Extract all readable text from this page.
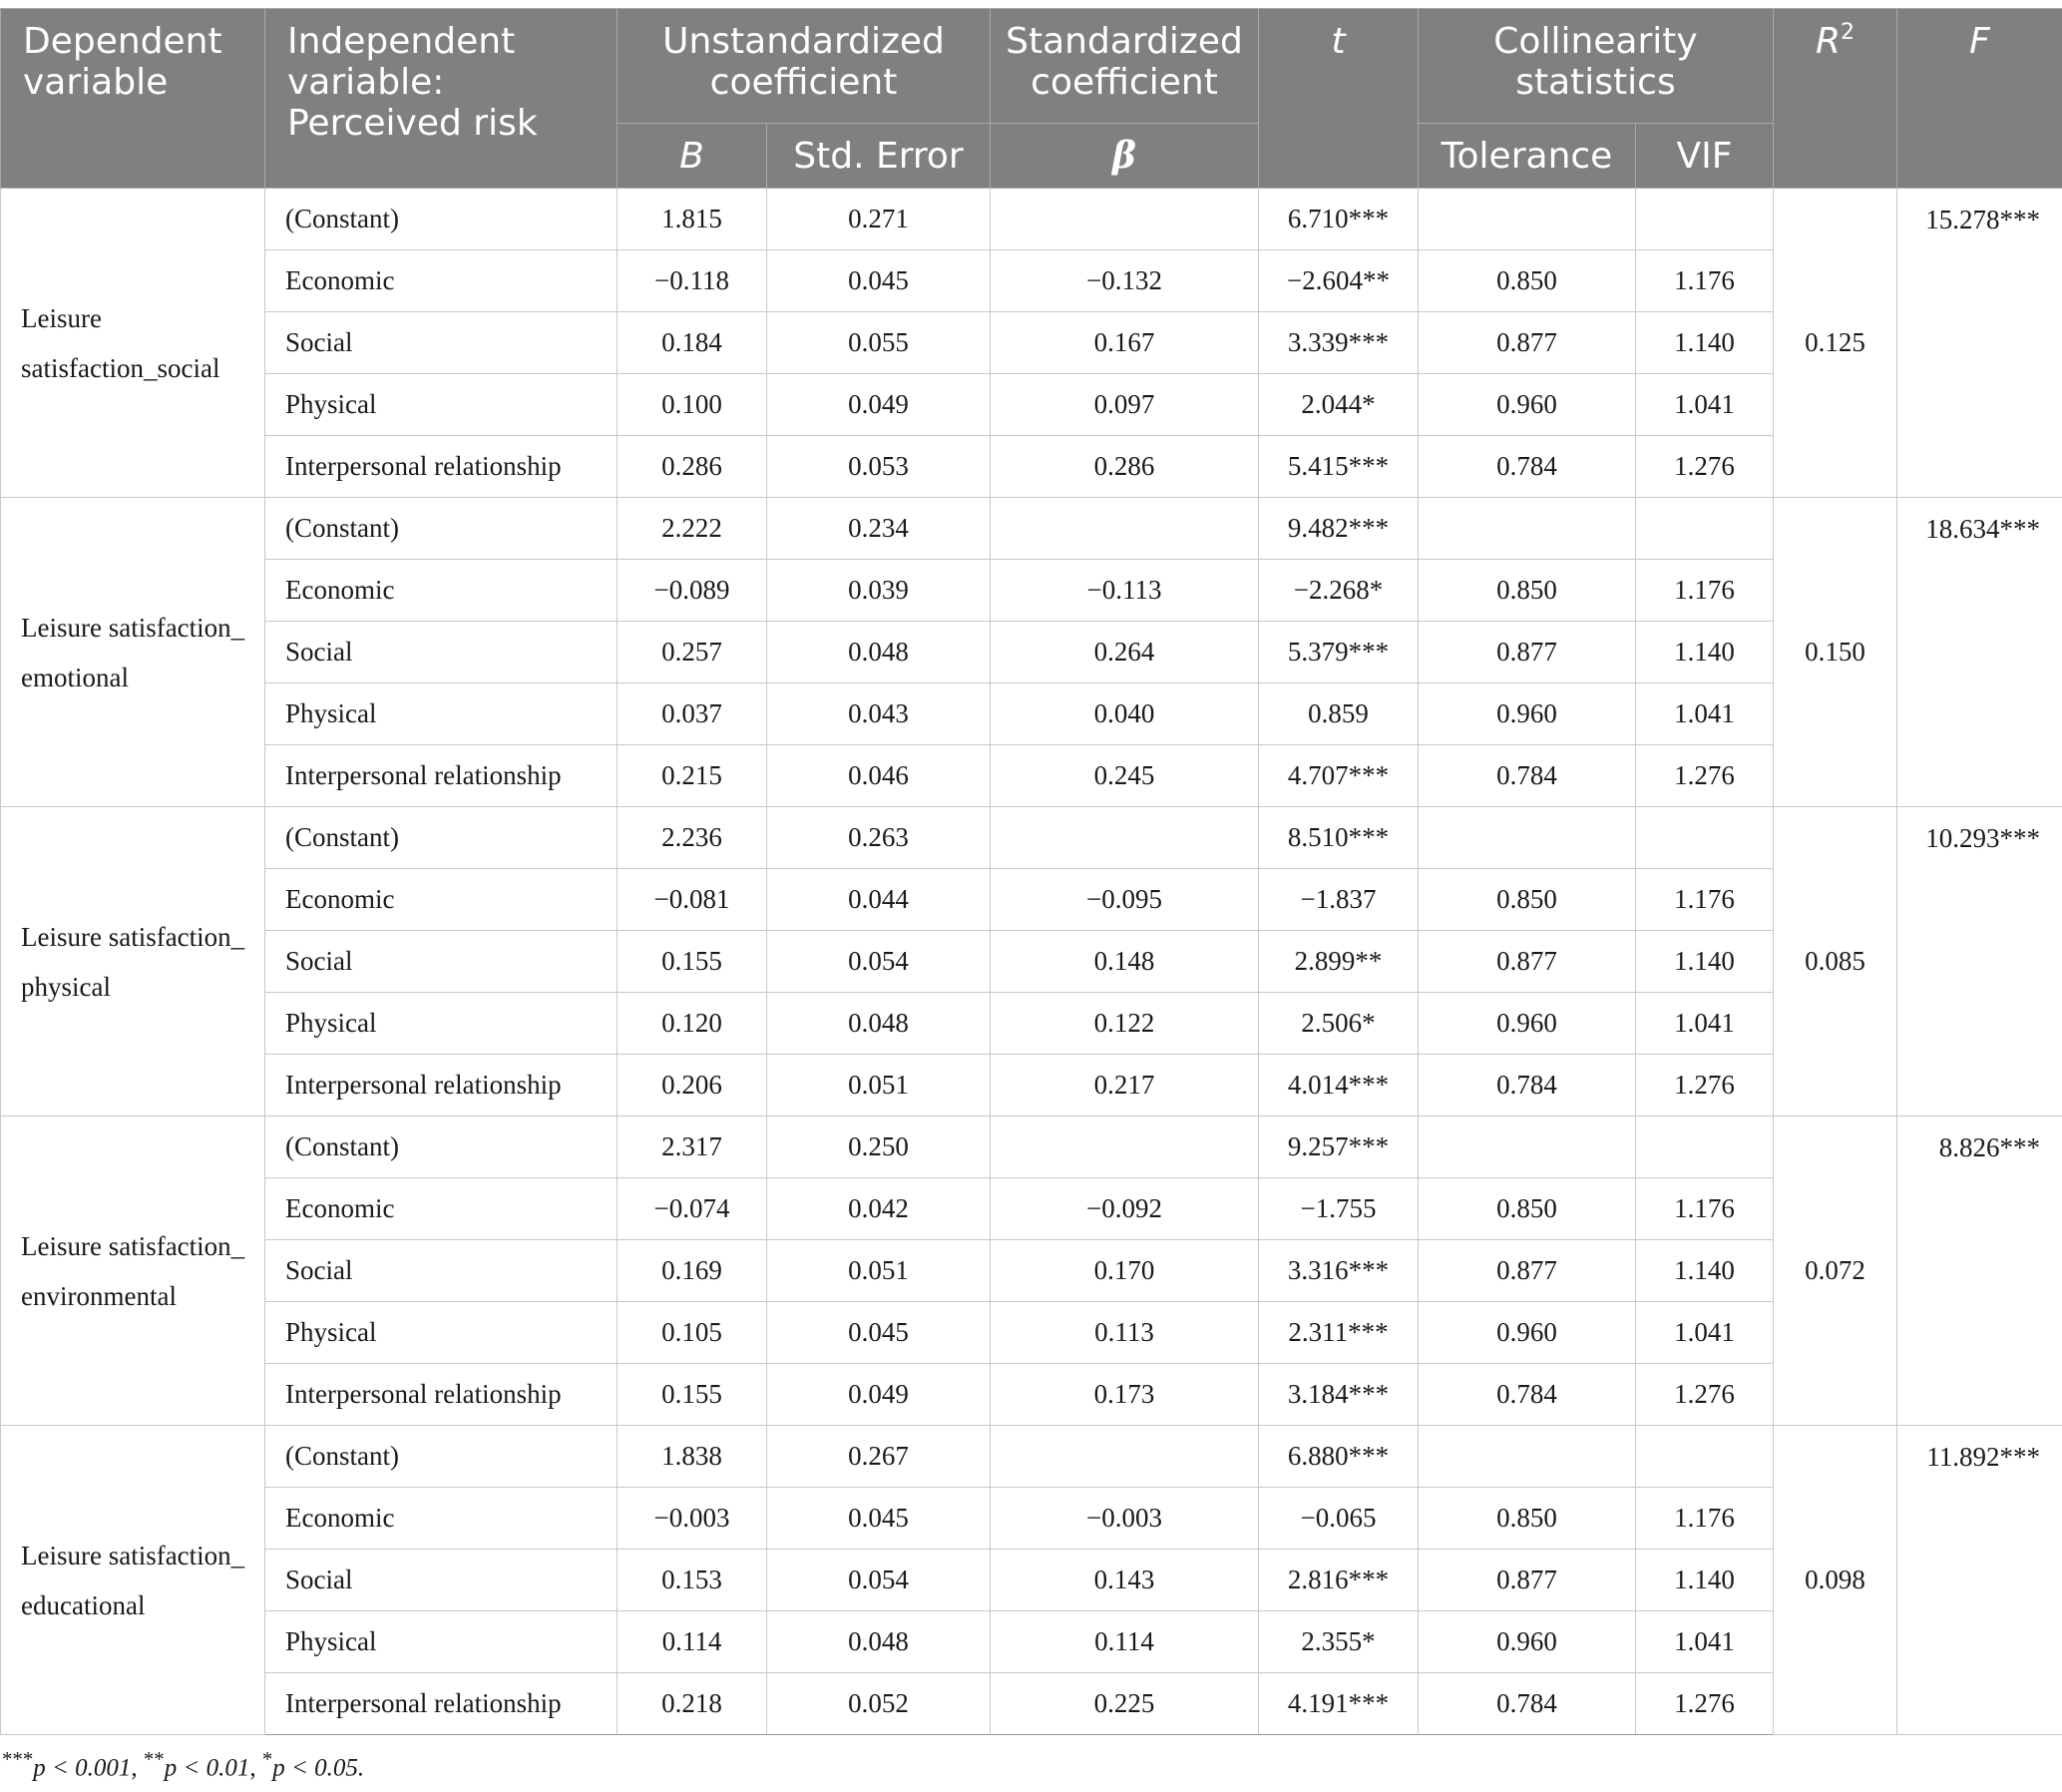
Dependent variable	Independent variable: Perceived risk	Unstandardized coefficient		Standardized coefficient	t	Collinearity statistics		$R^2$	F
		B	Std. Error	β		Tolerance	VIF		
Leisure satisfaction_social	(Constant)	1.815	0.271		6.710***			0.125	15.278***
	Economic	−0.118	0.045	−0.132	−2.604**	0.850	1.176		
	Social	0.184	0.055	0.167	3.339***	0.877	1.140		
	Physical	0.100	0.049	0.097	2.044*	0.960	1.041		
	Interpersonal relationship	0.286	0.053	0.286	5.415***	0.784	1.276		
Leisure satisfaction_ emotional	(Constant)	2.222	0.234		9.482***			0.150	18.634***
	Economic	−0.089	0.039	−0.113	−2.268*	0.850	1.176		
	Social	0.257	0.048	0.264	5.379***	0.877	1.140		
	Physical	0.037	0.043	0.040	0.859	0.960	1.041		
	Interpersonal relationship	0.215	0.046	0.245	4.707***	0.784	1.276		
Leisure satisfaction_ physical	(Constant)	2.236	0.263		8.510***			0.085	10.293***
	Economic	−0.081	0.044	−0.095	−1.837	0.850	1.176		
	Social	0.155	0.054	0.148	2.899**	0.877	1.140		
	Physical	0.120	0.048	0.122	2.506*	0.960	1.041		
	Interpersonal relationship	0.206	0.051	0.217	4.014***	0.784	1.276		
Leisure satisfaction_ environmental	(Constant)	2.317	0.250		9.257***			0.072	8.826***
	Economic	−0.074	0.042	−0.092	−1.755	0.850	1.176		
	Social	0.169	0.051	0.170	3.316***	0.877	1.140		
	Physical	0.105	0.045	0.113	2.311***	0.960	1.041		
	Interpersonal relationship	0.155	0.049	0.173	3.184***	0.784	1.276		
Leisure satisfaction_ educational	(Constant)	1.838	0.267		6.880***			0.098	11.892***
	Economic	−0.003	0.045	−0.003	−0.065	0.850	1.176		
	Social	0.153	0.054	0.143	2.816***	0.877	1.140		
	Physical	0.114	0.048	0.114	2.355*	0.960	1.041		
	Interpersonal relationship	0.218	0.052	0.225	4.191***	0.784	1.276		
***p < 0.001, **p < 0.01, *p < 0.05.
